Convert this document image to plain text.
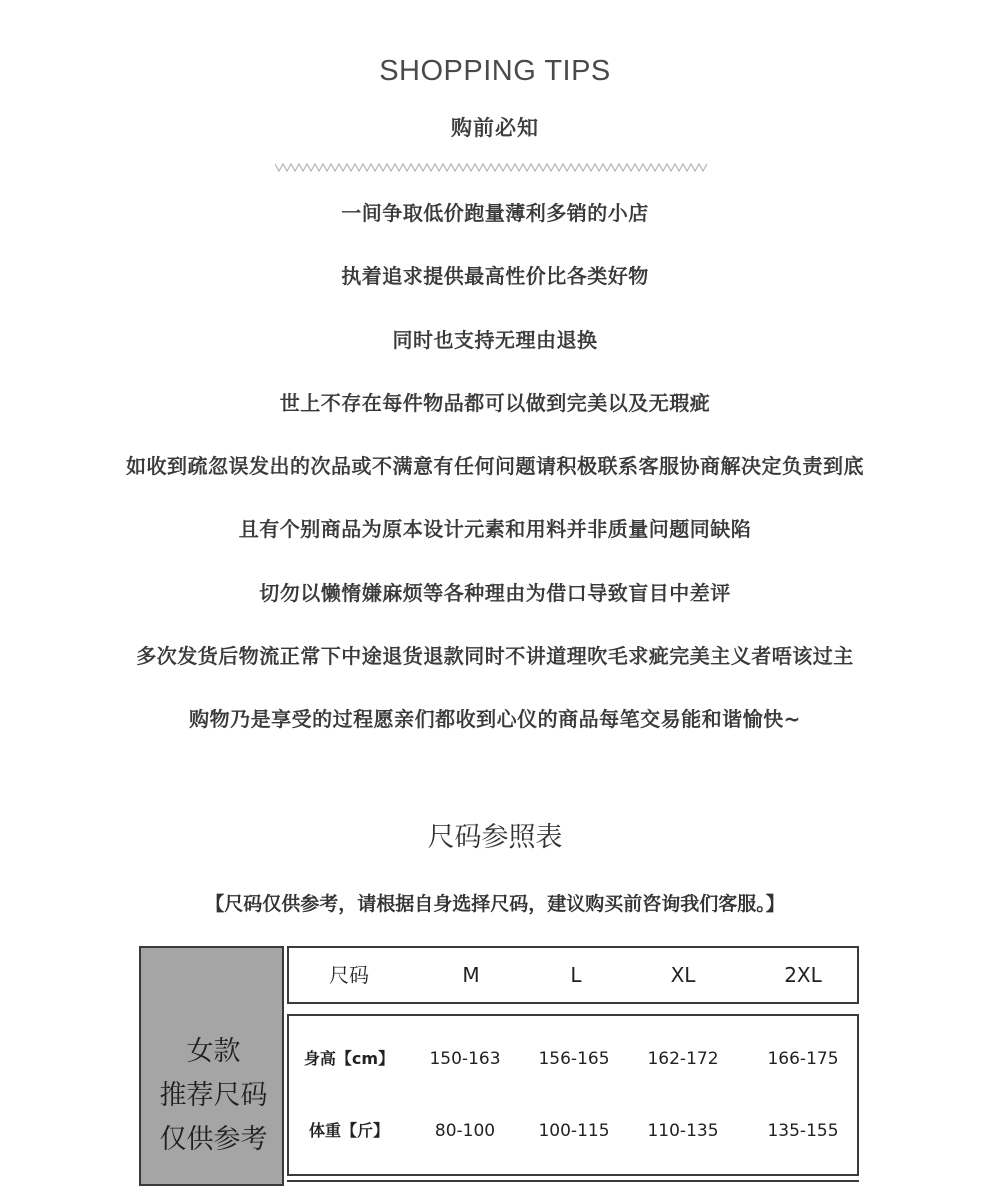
SHOPPING TIPS
购前必知
一间争取低价跑量薄利多销的小店
执着追求提供最高性价比各类好物
同时也支持无理由退换
世上不存在每件物品都可以做到完美以及无瑕疵
如收到疏忽误发出的次品或不满意有任何问题请积极联系客服协商解决定负责到底
且有个别商品为原本设计元素和用料并非质量问题同缺陷
切勿以懒惰嫌麻烦等各种理由为借口导致盲目中差评
多次发货后物流正常下中途退货退款同时不讲道理吹毛求疵完美主义者唔该过主
购物乃是享受的过程愿亲们都收到心仪的商品每笔交易能和谐愉快~
尺码参照表
【尺码仅供参考，请根据自身选择尺码，建议购买前咨询我们客服。】
女款
推荐尺码
仅供参考
尺码	M	L	XL	2XL
身高【cm】	150-163	156-165	162-172	166-175
体重【斤】	80-100	100-115	110-135	135-155
